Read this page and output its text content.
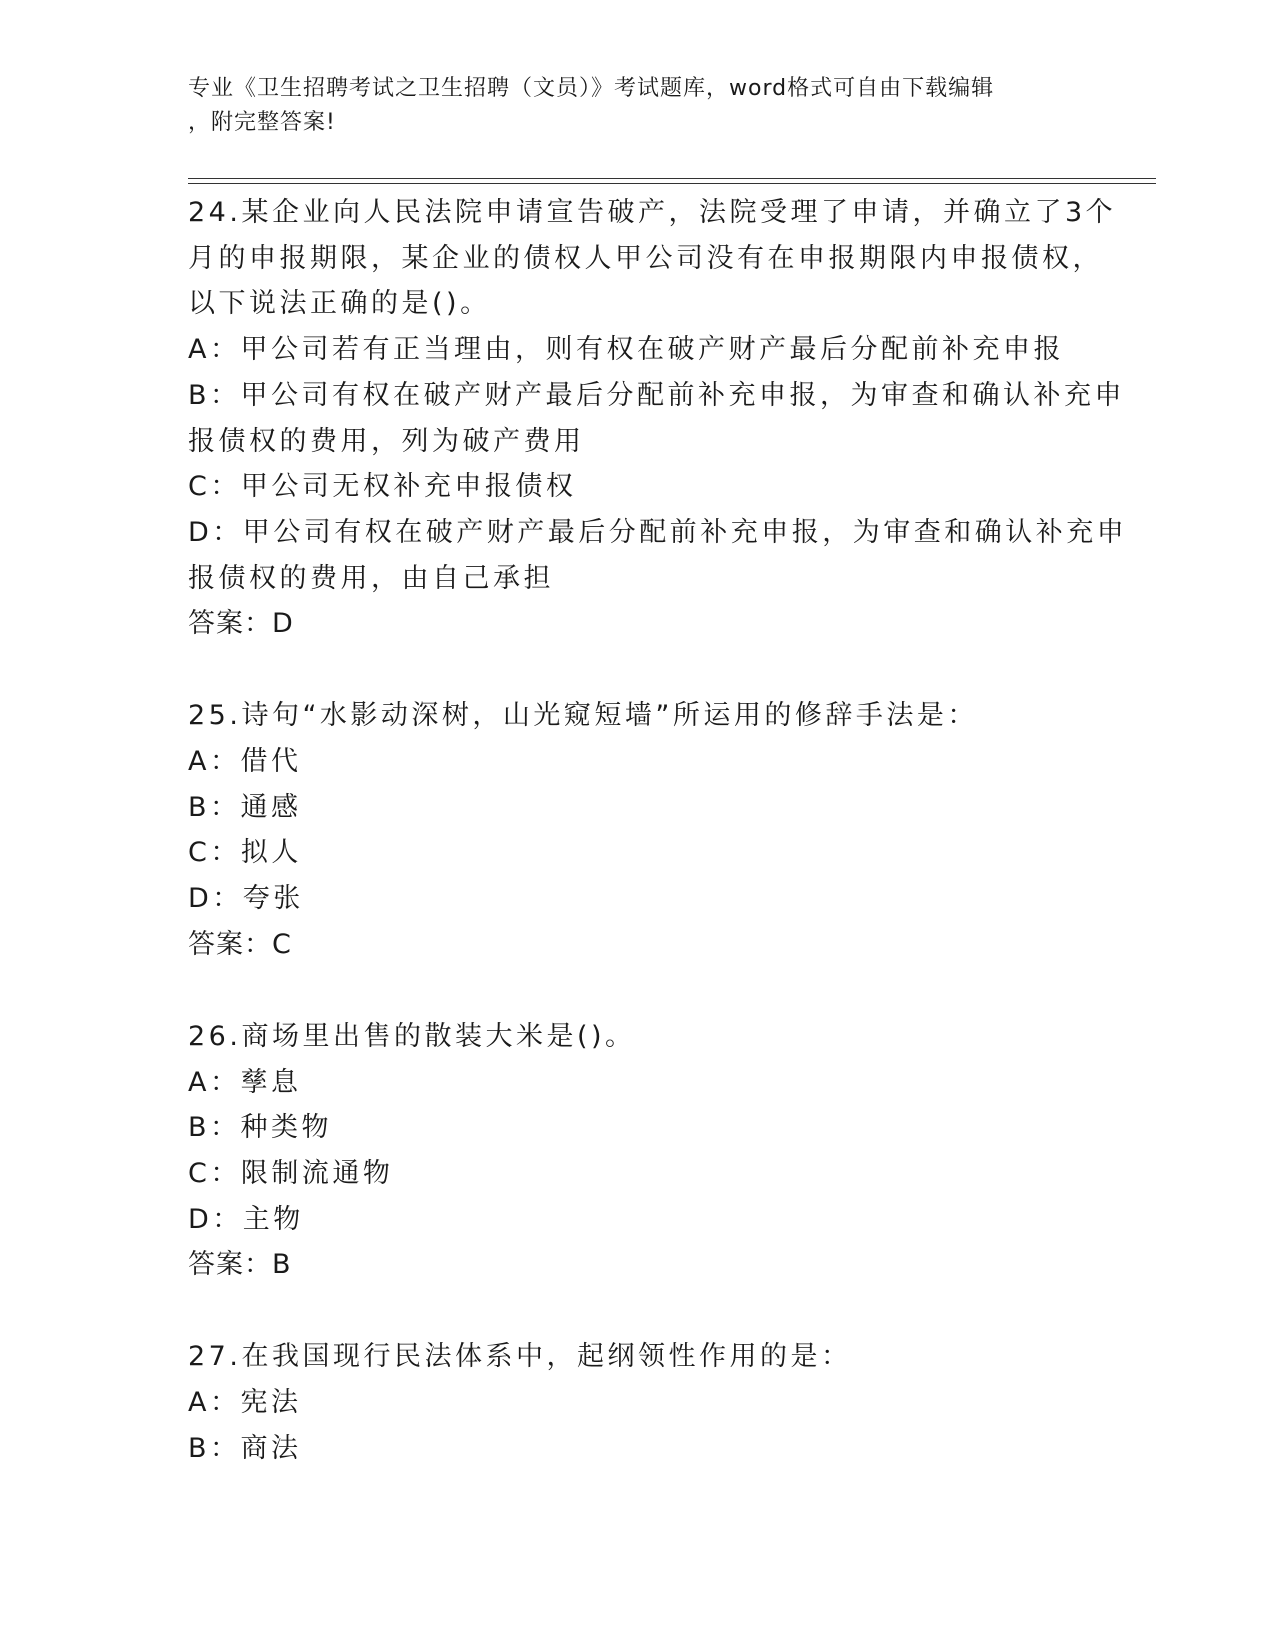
专业《卫生招聘考试之卫生招聘（文员）》考试题库，word格式可自由下载编辑
，附完整答案!
24.某企业向人民法院申请宣告破产，法院受理了申请，并确立了3个
月的申报期限，某企业的债权人甲公司没有在申报期限内申报债权，
以下说法正确的是()。
A：甲公司若有正当理由，则有权在破产财产最后分配前补充申报
B：甲公司有权在破产财产最后分配前补充申报，为审查和确认补充申
报债权的费用，列为破产费用
C：甲公司无权补充申报债权
D：甲公司有权在破产财产最后分配前补充申报，为审查和确认补充申
报债权的费用，由自己承担
答案：D
25.诗句“水影动深树，山光窥短墙”所运用的修辞手法是：
A：借代
B：通感
C：拟人
D：夸张
答案：C
26.商场里出售的散装大米是()。
A：孳息
B：种类物
C：限制流通物
D：主物
答案：B
27.在我国现行民法体系中，起纲领性作用的是：
A：宪法
B：商法
